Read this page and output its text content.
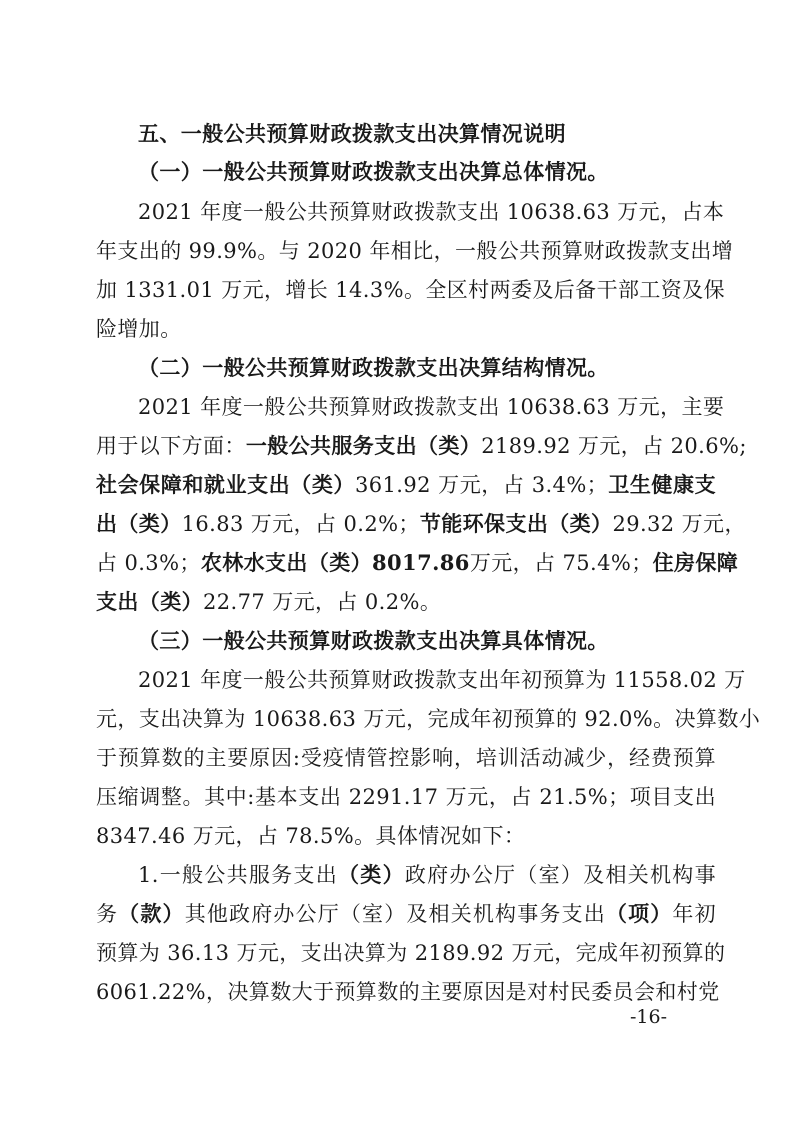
五、一般公共预算财政拨款支出决算情况说明
（一）一般公共预算财政拨款支出决算总体情况。
2021 年度一般公共预算财政拨款支出 10638.63 万元，占本
年支出的 99.9%。与 2020 年相比，一般公共预算财政拨款支出增
加 1331.01 万元，增长 14.3%。全区村两委及后备干部工资及保
险增加。
（二）一般公共预算财政拨款支出决算结构情况。
2021 年度一般公共预算财政拨款支出 10638.63 万元，主要
用于以下方面：一般公共服务支出（类）2189.92 万元，占 20.6%;
社会保障和就业支出（类）361.92 万元，占 3.4%；卫生健康支
出（类）16.83 万元，占 0.2%；节能环保支出（类）29.32 万元，
占 0.3%；农林水支出（类）8017.86万元，占 75.4%；住房保障
支出（类）22.77 万元，占 0.2%。
（三）一般公共预算财政拨款支出决算具体情况。
2021 年度一般公共预算财政拨款支出年初预算为 11558.02 万
元，支出决算为 10638.63 万元，完成年初预算的 92.0%。决算数小
于预算数的主要原因:受疫情管控影响，培训活动减少，经费预算
压缩调整。其中:基本支出 2291.17 万元，占 21.5%；项目支出
8347.46 万元，占 78.5%。具体情况如下：
1.一般公共服务支出（类）政府办公厅（室）及相关机构事
务（款）其他政府办公厅（室）及相关机构事务支出（项）年初
预算为 36.13 万元，支出决算为 2189.92 万元，完成年初预算的
6061.22%，决算数大于预算数的主要原因是对村民委员会和村党
-16-
